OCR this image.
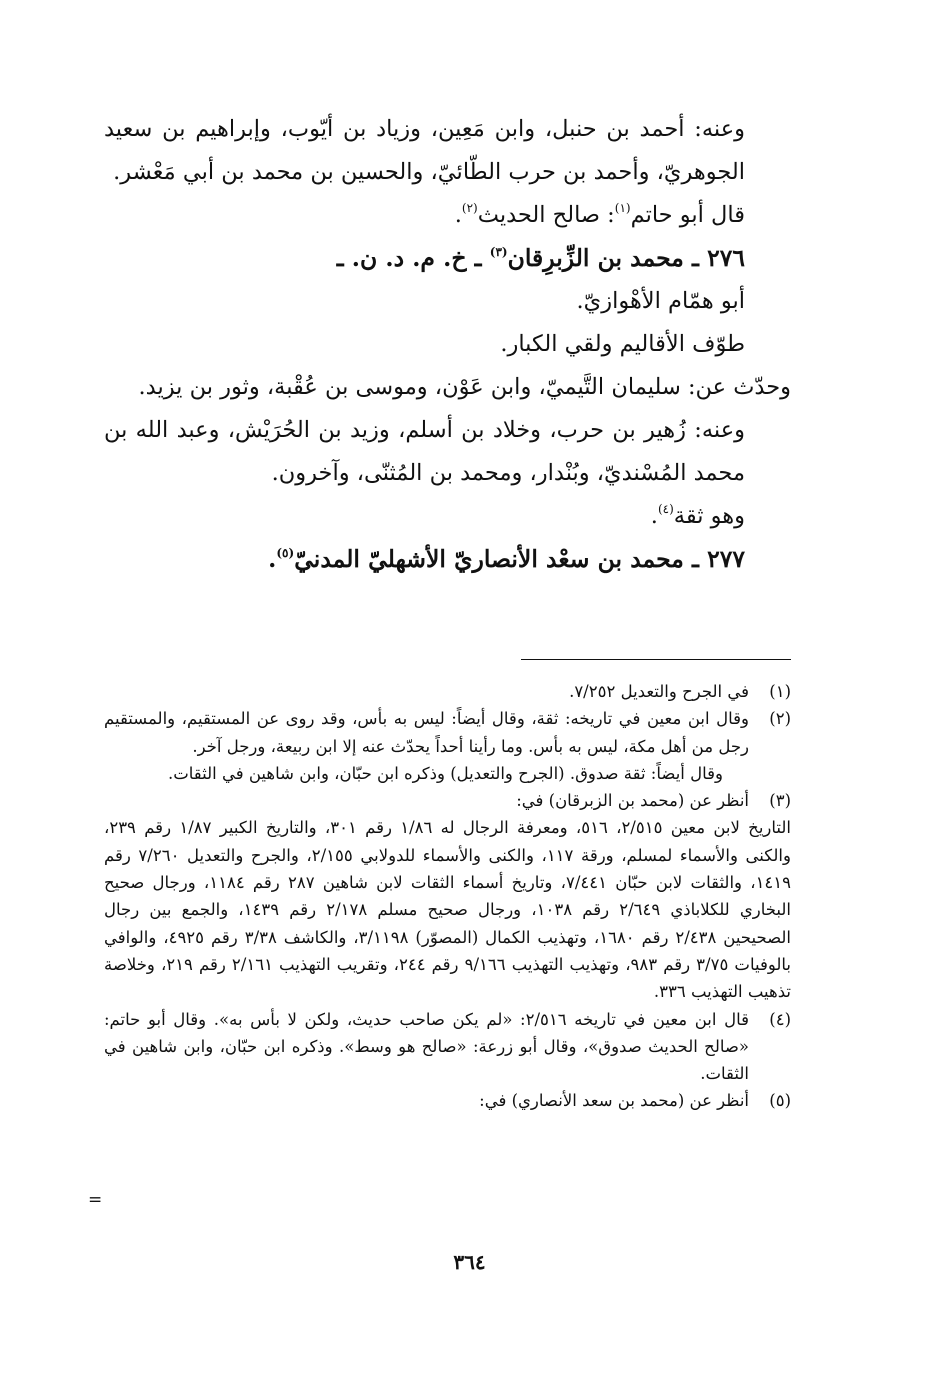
وعنه: أحمد بن حنبل، وابن مَعِين، وزياد بن أيّوب، وإبراهيم بن سعيد الجوهريّ، وأحمد بن حرب الطّائيّ، والحسين بن محمد بن أبي مَعْشر.

قال أبو حاتم$^{(١)}$: صالح الحديث$^{(٢)}$.

٢٧٦ ـ محمد بن الزِّبرِقان$^{(٣)}$ ـ خ. م. د. ن. ـ

أبو همّام الأهْوازيّ.

طوّف الأقاليم ولقي الكبار.

وحدّث عن: سليمان التَّيميّ، وابن عَوْن، وموسى بن عُقْبة، وثور بن يزيد.

وعنه: زُهير بن حرب، وخلاد بن أسلم، وزيد بن الحُرَيْش، وعبد الله بن محمد المُسْنديّ، وبُنْدار، ومحمد بن المُثنّى، وآخرون.

وهو ثقة$^{(٤)}$.

٢٧٧ ـ محمد بن سعْد الأنصاريّ الأشهليّ المدنيّ$^{(٥)}$.

(١)
في الجرح والتعديل ٧/٢٥٢.
(٢)
وقال ابن معين في تاريخه: ثقة، وقال أيضاً: ليس به بأس، وقد روى عن المستقيم، والمستقيم رجل من أهل مكة، ليس به بأس. وما رأينا أحداً يحدّث عنه إلا ابن ربيعة، ورجل آخر.
وقال أيضاً: ثقة صدوق. (الجرح والتعديل) وذكره ابن حبّان، وابن شاهين في الثقات.
(٣)
أنظر عن (محمد بن الزبرقان) في:
التاريخ لابن معين ٢/٥١٥، ٥١٦، ومعرفة الرجال له ١/٨٦ رقم ٣٠١، والتاريخ الكبير ١/٨٧ رقم ٢٣٩، والكنى والأسماء لمسلم، ورقة ١١٧، والكنى والأسماء للدولابي ٢/١٥٥، والجرح والتعديل ٧/٢٦٠ رقم ١٤١٩، والثقات لابن حبّان ٧/٤٤١، وتاريخ أسماء الثقات لابن شاهين ٢٨٧ رقم ١١٨٤، ورجال صحيح البخاري للكلاباذي ٢/٦٤٩ رقم ١٠٣٨، ورجال صحيح مسلم ٢/١٧٨ رقم ١٤٣٩، والجمع بين رجال الصحيحين ٢/٤٣٨ رقم ١٦٨٠، وتهذيب الكمال (المصوّر) ٣/١١٩٨، والكاشف ٣/٣٨ رقم ٤٩٢٥، والوافي بالوفيات ٣/٧٥ رقم ٩٨٣، وتهذيب التهذيب ٩/١٦٦ رقم ٢٤٤، وتقريب التهذيب ٢/١٦١ رقم ٢١٩، وخلاصة تذهيب التهذيب ٣٣٦.
(٤)
قال ابن معين في تاريخه ٢/٥١٦: «لم يكن صاحب حديث، ولكن لا بأس به». وقال أبو حاتم: «صالح الحديث صدوق»، وقال أبو زرعة: «صالح هو وسط». وذكره ابن حبّان، وابن شاهين في الثقات.
(٥)
أنظر عن (محمد بن سعد الأنصاري) في:
=
٣٦٤
